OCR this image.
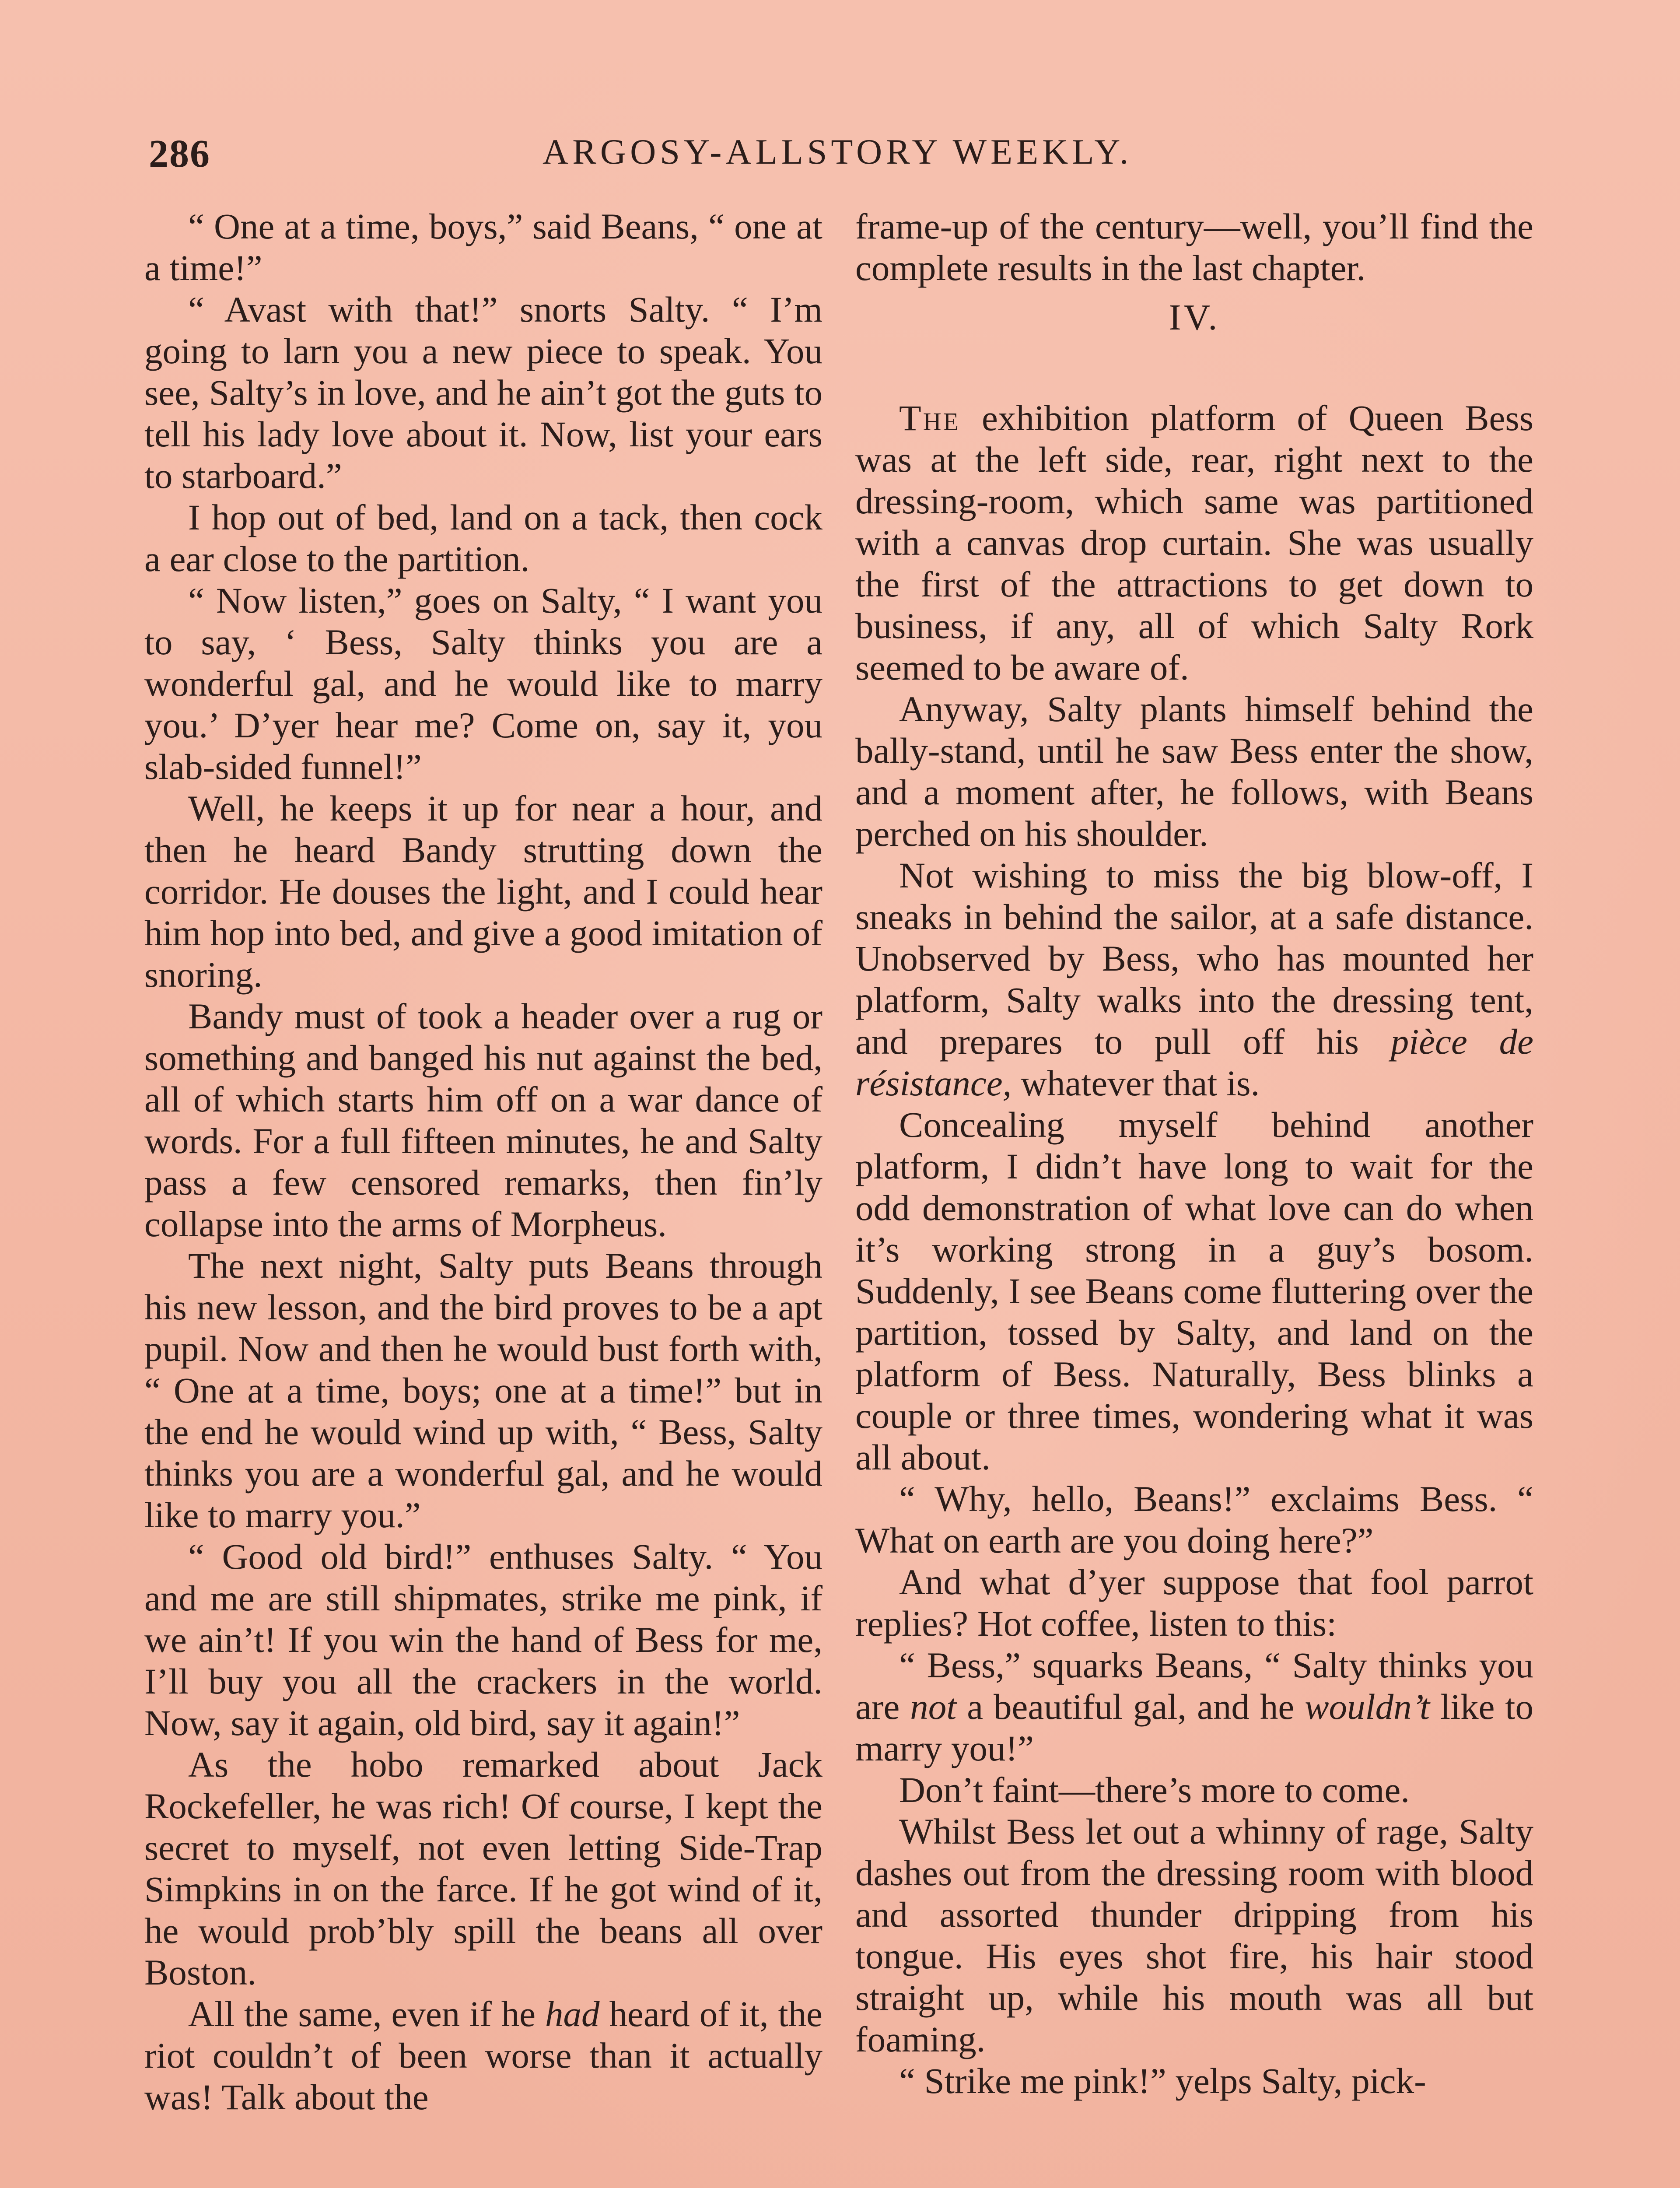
286	ARGOSY-ALLSTORY WEEKLY.

“ One at a time, boys,” said Beans, “ one at a time!”

“ Avast with that!” snorts Salty. “ I’m going to larn you a new piece to speak. You see, Salty’s in love, and he ain’t got the guts to tell his lady love about it. Now, list your ears to starboard.”

I hop out of bed, land on a tack, then cock a ear close to the partition.

“ Now listen,” goes on Salty, “ I want you to say, ‘ Bess, Salty thinks you are a wonderful gal, and he would like to marry you.’ D’yer hear me? Come on, say it, you slab-sided funnel!”

Well, he keeps it up for near a hour, and then he heard Bandy strutting down the corridor. He douses the light, and I could hear him hop into bed, and give a good imitation of snoring.

Bandy must of took a header over a rug or something and banged his nut against the bed, all of which starts him off on a war dance of words. For a full fifteen minutes, he and Salty pass a few censored remarks, then fin’ly collapse into the arms of Morpheus.

The next night, Salty puts Beans through his new lesson, and the bird proves to be a apt pupil. Now and then he would bust forth with, “ One at a time, boys; one at a time!” but in the end he would wind up with, “ Bess, Salty thinks you are a wonderful gal, and he would like to marry you.”

“ Good old bird!” enthuses Salty. “ You and me are still shipmates, strike me pink, if we ain’t! If you win the hand of Bess for me, I’ll buy you all the crackers in the world. Now, say it again, old bird, say it again!”

As the hobo remarked about Jack Rockefeller, he was rich! Of course, I kept the secret to myself, not even letting Side-Trap Simpkins in on the farce. If he got wind of it, he would prob’bly spill the beans all over Boston.

All the same, even if he had heard of it, the riot couldn’t of been worse than it actually was! Talk about the

frame-up of the century—well, you’ll find the complete results in the last chapter.

IV.

The exhibition platform of Queen Bess was at the left side, rear, right next to the dressing-room, which same was partitioned with a canvas drop curtain. She was usually the first of the attractions to get down to business, if any, all of which Salty Rork seemed to be aware of.

Anyway, Salty plants himself behind the bally-stand, until he saw Bess enter the show, and a moment after, he follows, with Beans perched on his shoulder.

Not wishing to miss the big blow-off, I sneaks in behind the sailor, at a safe distance. Unobserved by Bess, who has mounted her platform, Salty walks into the dressing tent, and prepares to pull off his pièce de résistance, whatever that is.

Concealing myself behind another platform, I didn’t have long to wait for the odd demonstration of what love can do when it’s working strong in a guy’s bosom. Suddenly, I see Beans come fluttering over the partition, tossed by Salty, and land on the platform of Bess. Naturally, Bess blinks a couple or three times, wondering what it was all about.

“ Why, hello, Beans!” exclaims Bess. “ What on earth are you doing here?”

And what d’yer suppose that fool parrot replies? Hot coffee, listen to this:

“ Bess,” squarks Beans, “ Salty thinks you are not a beautiful gal, and he wouldn’t like to marry you!”

Don’t faint—there’s more to come.

Whilst Bess let out a whinny of rage, Salty dashes out from the dressing room with blood and assorted thunder dripping from his tongue. His eyes shot fire, his hair stood straight up, while his mouth was all but foaming.

“ Strike me pink!” yelps Salty, pick-
